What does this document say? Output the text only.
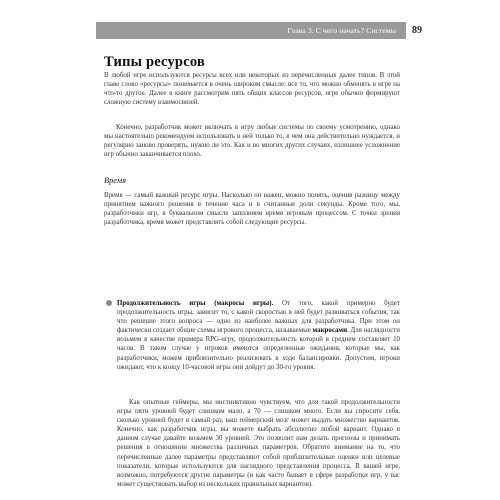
Глава 3. С чего начать? Системы 89
Типы ресурсов

В любой игре используются ресурсы всех или некоторых из перечисленных далее типов. В этой главе слово «ресурсы» понимается в очень широком смысле: все то, что можно обменять в игре на что-то другое. Далее в книге рассмотрим пять общих классов ресурсов, игре обычно формируют сложную систему взаимосвязей.

Конечно, разработчик может включать в игру любые системы по своему усмотрению, однако мы настоятельно рекомендуем использовать в ней только то, в чем она действительно нуждается, и регулярно заново проверять, нужно ли это. Как и во многих других случаях, излишнее усложнение игр обычно заканчивается плохо.

Время

Время — самый важный ресурс игры. Насколько он важен, можно понять, оценив разницу между принятием важного решения в течение часа и в считанные доли секунды. Кроме того, мы, разработчики игр, в буквальном смысле заполняем время игровым процессом. С точки зрения разработчика, время может представлять собой следующие ресурсы.

Продолжительность игры (макросы игры). От того, какой примерно будет продолжительность игры, зависит то, с какой скоростью в ней будет развиваться события, так что решение этого вопроса — одно из наиболее важных для разработчика. При этом он фактически создает общие схемы игрового процесса, называемые макросами. Для наглядности возьмем в качестве примера RPG-игру, продолжительность которой в среднем составляет 10 часов. В таком случае у игроков имеются определенные ожидания, которые мы, как разработчики, можем приблизительно реализовать в ходе балансировки. Допустим, игроки ожидают, что к концу 10-часовой игры они дойдут до 30-го уровня.

Как опытные геймеры, мы инстинктивно чувствуем, что для такой продолжительности игры пяти уровней будет слишком мало, а 70 — слишком много. Если вы спросите себя, сколько уровней будет в самый раз, ваш геймерский мозг может выдать множество вариантов. Конечно, как разработчик игры, вы можете выбрать абсолютно любой вариант. Однако в данном случае давайте возьмем 30 уровней. Это позволит нам делать прогнозы и принимать решения в отношении множества различных параметров. Обратите внимание на то, что перечисленные далее параметры представляют собой приблизительные оценки или целевые показатели, которые используются для наглядного представления процесса. В вашей игре, возможно, потребуются другие параметры (и как часто бывает в сфере разработки игр, у вас может существовать выбор из нескольких правильных вариантов).
